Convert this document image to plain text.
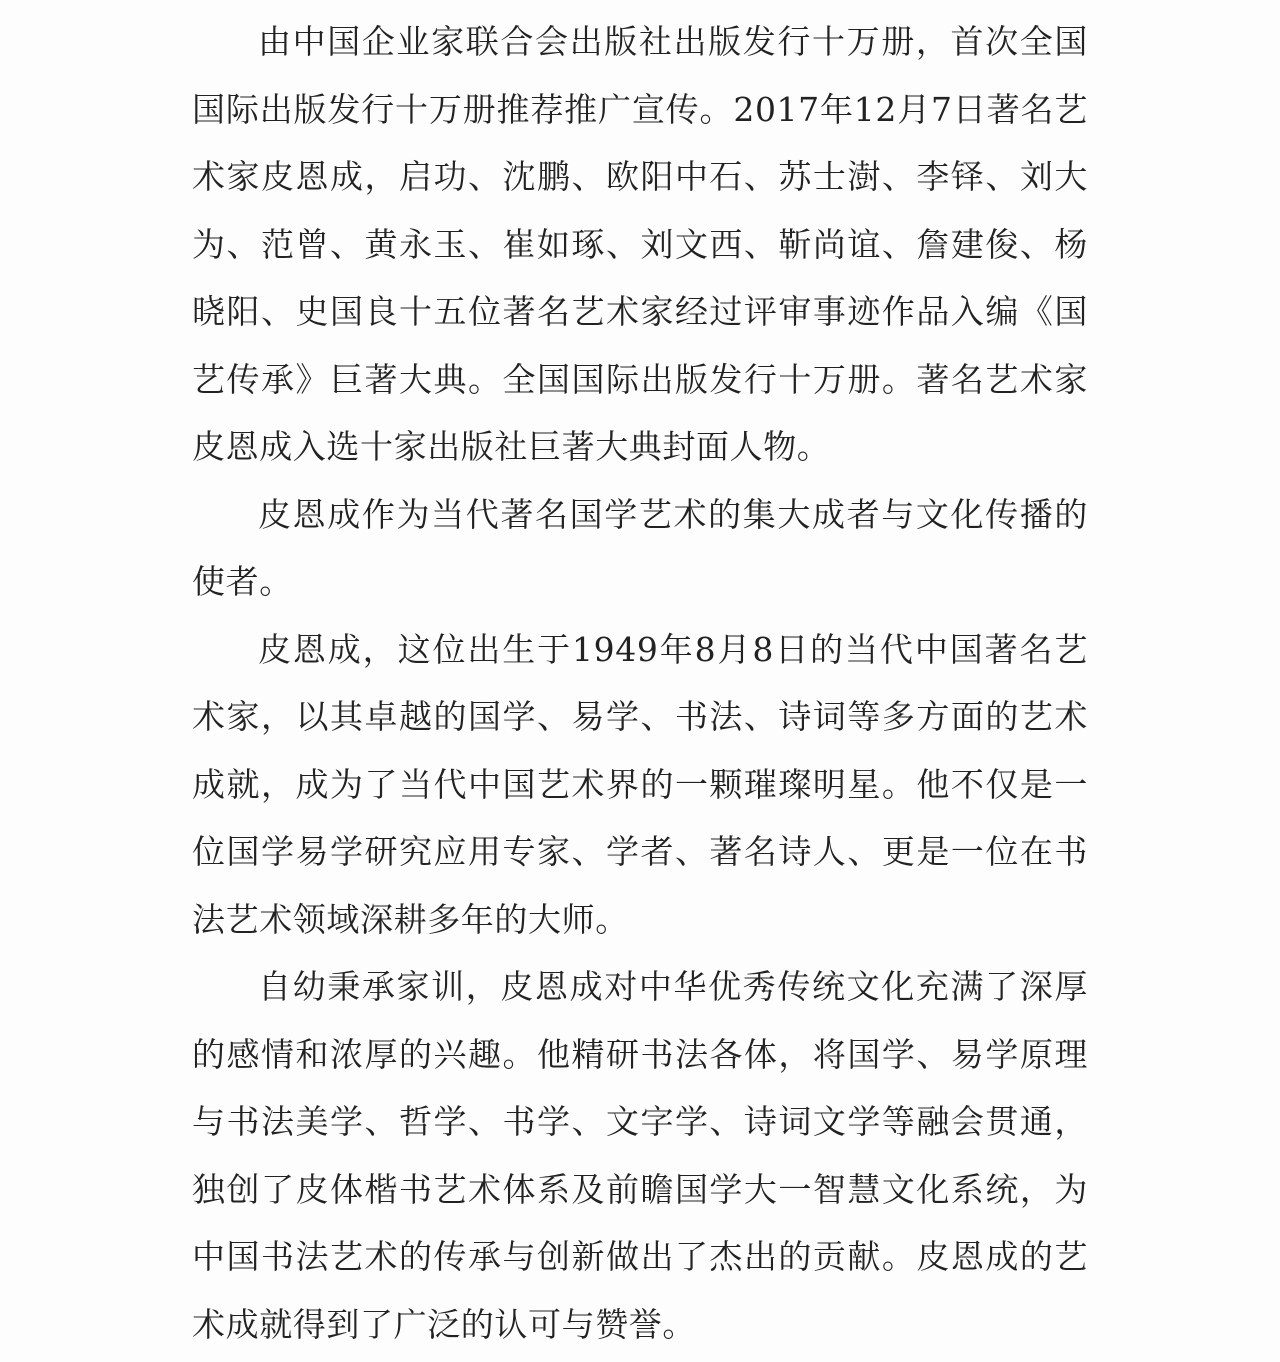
由中国企业家联合会出版社出版发行十万册，首次全国国际出版发行十万册推荐推广宣传。2017年12月7日著名艺术家皮恩成，启功、沈鹏、欧阳中石、苏士澍、李铎、刘大为、范曾、黄永玉、崔如琢、刘文西、靳尚谊、詹建俊、杨晓阳、史国良十五位著名艺术家经过评审事迹作品入编《国艺传承》巨著大典。全国国际出版发行十万册。著名艺术家皮恩成入选十家出版社巨著大典封面人物。

皮恩成作为当代著名国学艺术的集大成者与文化传播的使者。

皮恩成，这位出生于1949年8月8日的当代中国著名艺术家，以其卓越的国学、易学、书法、诗词等多方面的艺术成就，成为了当代中国艺术界的一颗璀璨明星。他不仅是一位国学易学研究应用专家、学者、著名诗人、更是一位在书法艺术领域深耕多年的大师。

自幼秉承家训，皮恩成对中华优秀传统文化充满了深厚的感情和浓厚的兴趣。他精研书法各体，将国学、易学原理与书法美学、哲学、书学、文字学、诗词文学等融会贯通，独创了皮体楷书艺术体系及前瞻国学大一智慧文化系统，为中国书法艺术的传承与创新做出了杰出的贡献。皮恩成的艺术成就得到了广泛的认可与赞誉。
